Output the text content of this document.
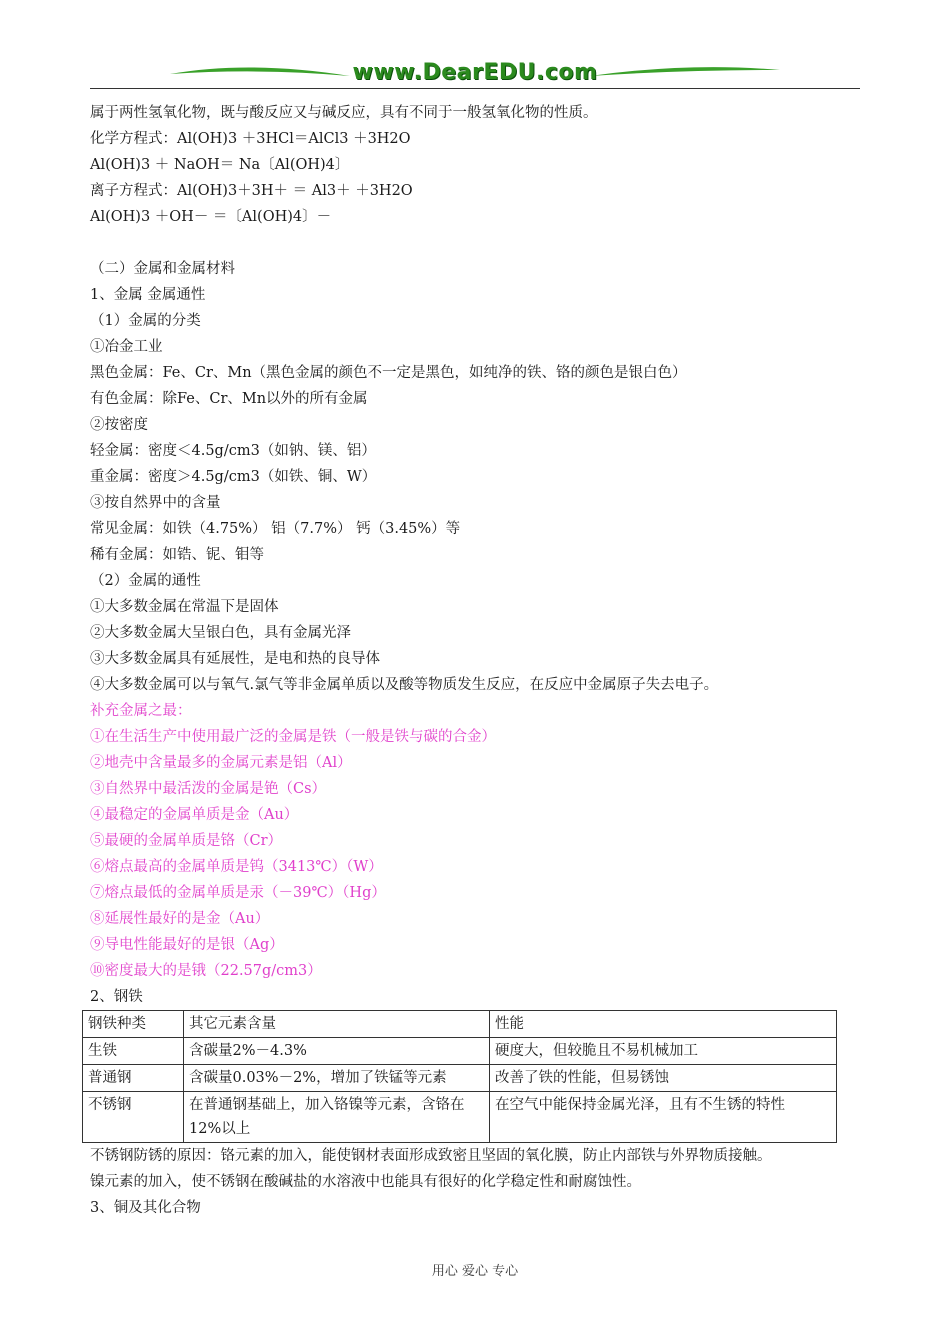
www.DearEDU.com
属于两性氢氧化物，既与酸反应又与碱反应，具有不同于一般氢氧化物的性质。
化学方程式：Al(OH)3 ＋3HCl＝AlCl3 ＋3H2O
Al(OH)3 ＋ NaOH＝ Na〔Al(OH)4〕
离子方程式：Al(OH)3＋3H＋ ＝ Al3＋ ＋3H2O
Al(OH)3 ＋OH－ ＝〔Al(OH)4〕－
（二）金属和金属材料
1、金属 金属通性
（1）金属的分类
①冶金工业
黑色金属：Fe、Cr、Mn（黑色金属的颜色不一定是黑色，如纯净的铁、铬的颜色是银白色）
有色金属：除Fe、Cr、Mn以外的所有金属
②按密度
轻金属：密度＜4.5g/cm3（如钠、镁、铝）
重金属：密度＞4.5g/cm3（如铁、铜、W）
③按自然界中的含量
常见金属：如铁（4.75%） 铝（7.7%） 钙（3.45%）等
稀有金属：如锆、铌、钼等
（2）金属的通性
①大多数金属在常温下是固体
②大多数金属大呈银白色，具有金属光泽
③大多数金属具有延展性，是电和热的良导体
④大多数金属可以与氧气.氯气等非金属单质以及酸等物质发生反应，在反应中金属原子失去电子。
补充金属之最：
①在生活生产中使用最广泛的金属是铁（一般是铁与碳的合金）
②地壳中含量最多的金属元素是铝（Al）
③自然界中最活泼的金属是铯（Cs）
④最稳定的金属单质是金（Au）
⑤最硬的金属单质是铬（Cr）
⑥熔点最高的金属单质是钨（3413℃）（W）
⑦熔点最低的金属单质是汞（－39℃）（Hg）
⑧延展性最好的是金（Au）
⑨导电性能最好的是银（Ag）
⑩密度最大的是锇（22.57g/cm3）
2、钢铁
钢铁种类	其它元素含量	性能
生铁	含碳量2%－4.3%	硬度大，但较脆且不易机械加工
普通钢	含碳量0.03%－2%，增加了铁锰等元素	改善了铁的性能，但易锈蚀
不锈钢	在普通钢基础上，加入铬镍等元素，含铬在12%以上	在空气中能保持金属光泽，且有不生锈的特性
不锈钢防锈的原因：铬元素的加入，能使钢材表面形成致密且坚固的氧化膜，防止内部铁与外界物质接触。
镍元素的加入，使不锈钢在酸碱盐的水溶液中也能具有很好的化学稳定性和耐腐蚀性。
3、铜及其化合物
用心 爱心 专心
